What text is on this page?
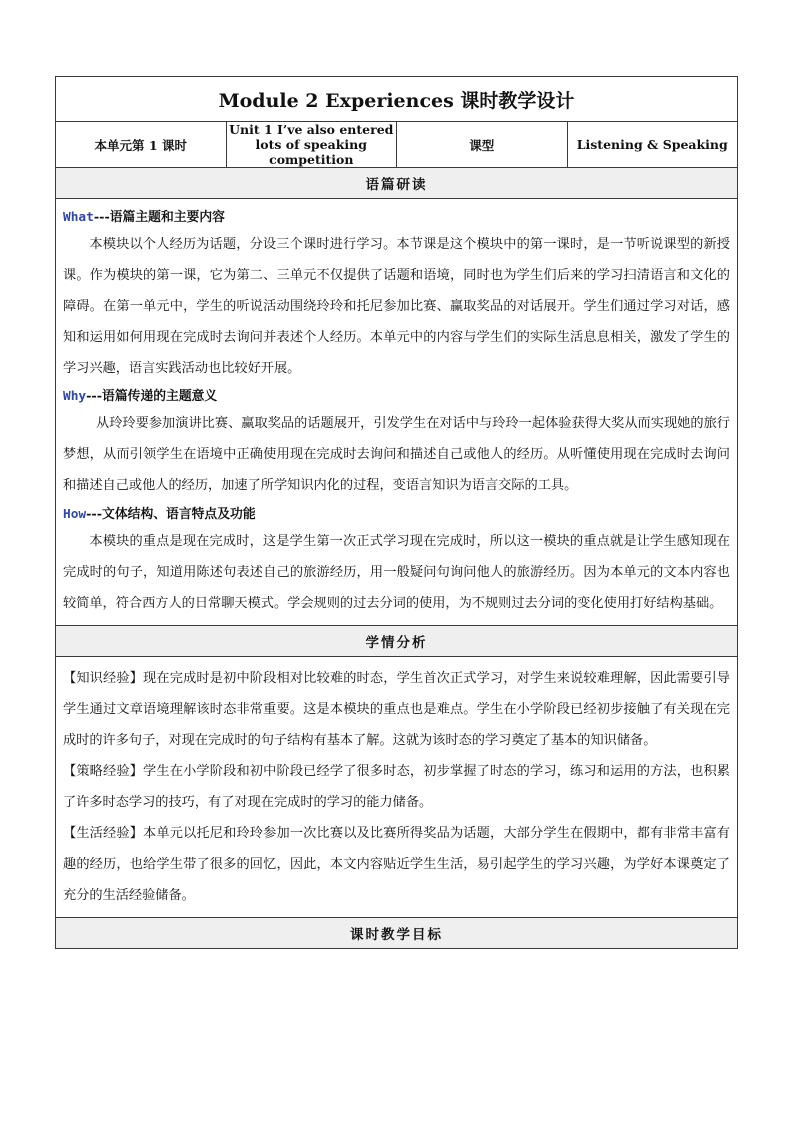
Module 2 Experiences 课时教学设计
本单元第 1 课时	Unit 1 I’ve also entered lots of speaking competition	课型	Listening & Speaking
语篇研读

What---语篇主题和主要内容

本模块以个人经历为话题，分设三个课时进行学习。本节课是这个模块中的第一课时，是一节听说课型的新授课。作为模块的第一课，它为第二、三单元不仅提供了话题和语境，同时也为学生们后来的学习扫清语言和文化的障碍。在第一单元中，学生的听说活动围绕玲玲和托尼参加比赛、赢取奖品的对话展开。学生们通过学习对话，感知和运用如何用现在完成时去询问并表述个人经历。本单元中的内容与学生们的实际生活息息相关，激发了学生的学习兴趣，语言实践活动也比较好开展。

Why---语篇传递的主题意义

从玲玲要参加演讲比赛、赢取奖品的话题展开，引发学生在对话中与玲玲一起体验获得大奖从而实现她的旅行梦想，从而引领学生在语境中正确使用现在完成时去询问和描述自己或他人的经历。从听懂使用现在完成时去询问和描述自己或他人的经历，加速了所学知识内化的过程，变语言知识为语言交际的工具。

How---文体结构、语言特点及功能

本模块的重点是现在完成时，这是学生第一次正式学习现在完成时，所以这一模块的重点就是让学生感知现在完成时的句子，知道用陈述句表述自己的旅游经历，用一般疑问句询问他人的旅游经历。因为本单元的文本内容也较简单，符合西方人的日常聊天模式。学会规则的过去分词的使用，为不规则过去分词的变化使用打好结构基础。

学情分析

【知识经验】现在完成时是初中阶段相对比较难的时态，学生首次正式学习，对学生来说较难理解，因此需要引导学生通过文章语境理解该时态非常重要。这是本模块的重点也是难点。学生在小学阶段已经初步接触了有关现在完成时的许多句子，对现在完成时的句子结构有基本了解。这就为该时态的学习奠定了基本的知识储备。

【策略经验】学生在小学阶段和初中阶段已经学了很多时态，初步掌握了时态的学习，练习和运用的方法，也积累了许多时态学习的技巧，有了对现在完成时的学习的能力储备。

【生活经验】本单元以托尼和玲玲参加一次比赛以及比赛所得奖品为话题，大部分学生在假期中，都有非常丰富有趣的经历，也给学生带了很多的回忆，因此，本文内容贴近学生生活，易引起学生的学习兴趣，为学好本课奠定了充分的生活经验储备。

课时教学目标
